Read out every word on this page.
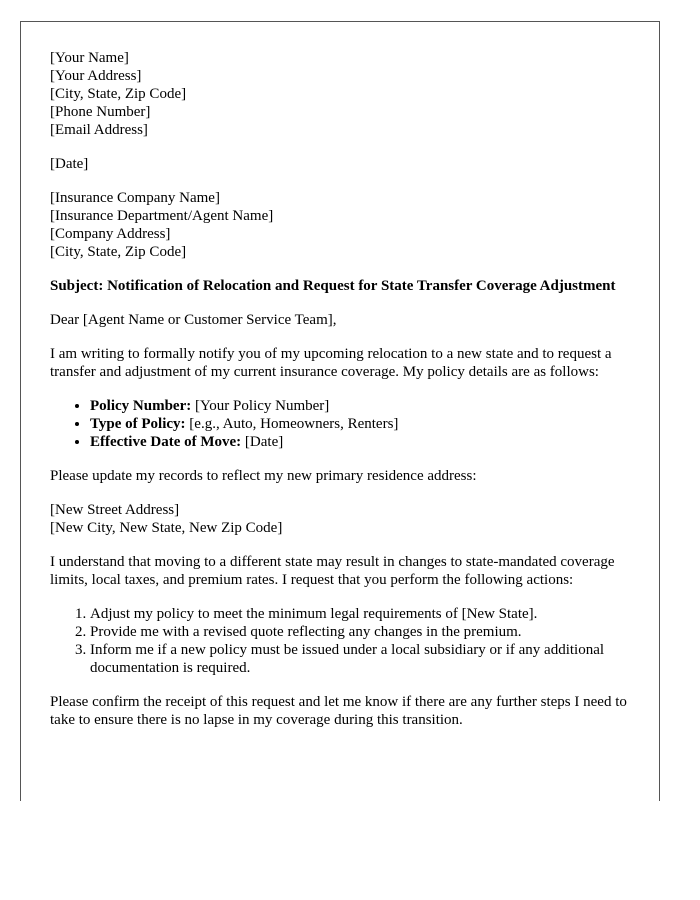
[Your Name]
[Your Address]
[City, State, Zip Code]
[Phone Number]
[Email Address]
[Date]
[Insurance Company Name]
[Insurance Department/Agent Name]
[Company Address]
[City, State, Zip Code]
Subject: Notification of Relocation and Request for State Transfer Coverage Adjustment

Dear [Agent Name or Customer Service Team],

I am writing to formally notify you of my upcoming relocation to a new state and to request a transfer and adjustment of my current insurance coverage. My policy details are as follows:

• Policy Number: [Your Policy Number]
• Type of Policy: [e.g., Auto, Homeowners, Renters]
• Effective Date of Move: [Date]

Please update my records to reflect my new primary residence address:

[New Street Address]
[New City, New State, New Zip Code]

I understand that moving to a different state may result in changes to state-mandated coverage limits, local taxes, and premium rates. I request that you perform the following actions:

1. Adjust my policy to meet the minimum legal requirements of [New State].
2. Provide me with a revised quote reflecting any changes in the premium.
3. Inform me if a new policy must be issued under a local subsidiary or if any additional documentation is required.

Please confirm the receipt of this request and let me know if there are any further steps I need to take to ensure there is no lapse in my coverage during this transition.
